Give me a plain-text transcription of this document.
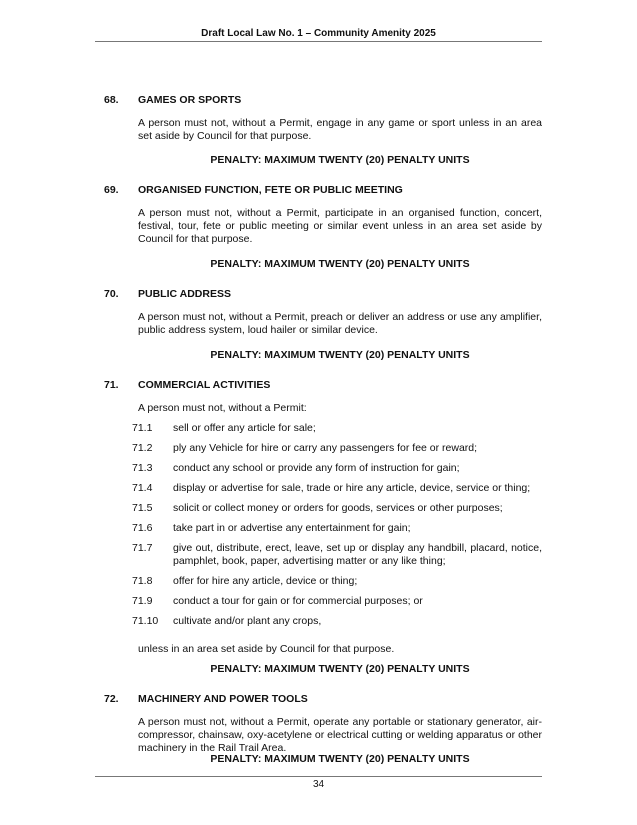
Draft Local Law No. 1 – Community Amenity 2025
68. GAMES OR SPORTS
A person must not, without a Permit, engage in any game or sport unless in an area set aside by Council for that purpose.
PENALTY: MAXIMUM TWENTY (20) PENALTY UNITS
69. ORGANISED FUNCTION, FETE OR PUBLIC MEETING
A person must not, without a Permit, participate in an organised function, concert, festival, tour, fete or public meeting or similar event unless in an area set aside by Council for that purpose.
PENALTY: MAXIMUM TWENTY (20) PENALTY UNITS
70. PUBLIC ADDRESS
A person must not, without a Permit, preach or deliver an address or use any amplifier, public address system, loud hailer or similar device.
PENALTY: MAXIMUM TWENTY (20) PENALTY UNITS
71. COMMERCIAL ACTIVITIES
A person must not, without a Permit:
71.1 sell or offer any article for sale;
71.2 ply any Vehicle for hire or carry any passengers for fee or reward;
71.3 conduct any school or provide any form of instruction for gain;
71.4 display or advertise for sale, trade or hire any article, device, service or thing;
71.5 solicit or collect money or orders for goods, services or other purposes;
71.6 take part in or advertise any entertainment for gain;
71.7 give out, distribute, erect, leave, set up or display any handbill, placard, notice, pamphlet, book, paper, advertising matter or any like thing;
71.8 offer for hire any article, device or thing;
71.9 conduct a tour for gain or for commercial purposes; or
71.10 cultivate and/or plant any crops,
unless in an area set aside by Council for that purpose.
PENALTY: MAXIMUM TWENTY (20) PENALTY UNITS
72. MACHINERY AND POWER TOOLS
A person must not, without a Permit, operate any portable or stationary generator, air-compressor, chainsaw, oxy-acetylene or electrical cutting or welding apparatus or other machinery in the Rail Trail Area.
PENALTY: MAXIMUM TWENTY (20) PENALTY UNITS
34
